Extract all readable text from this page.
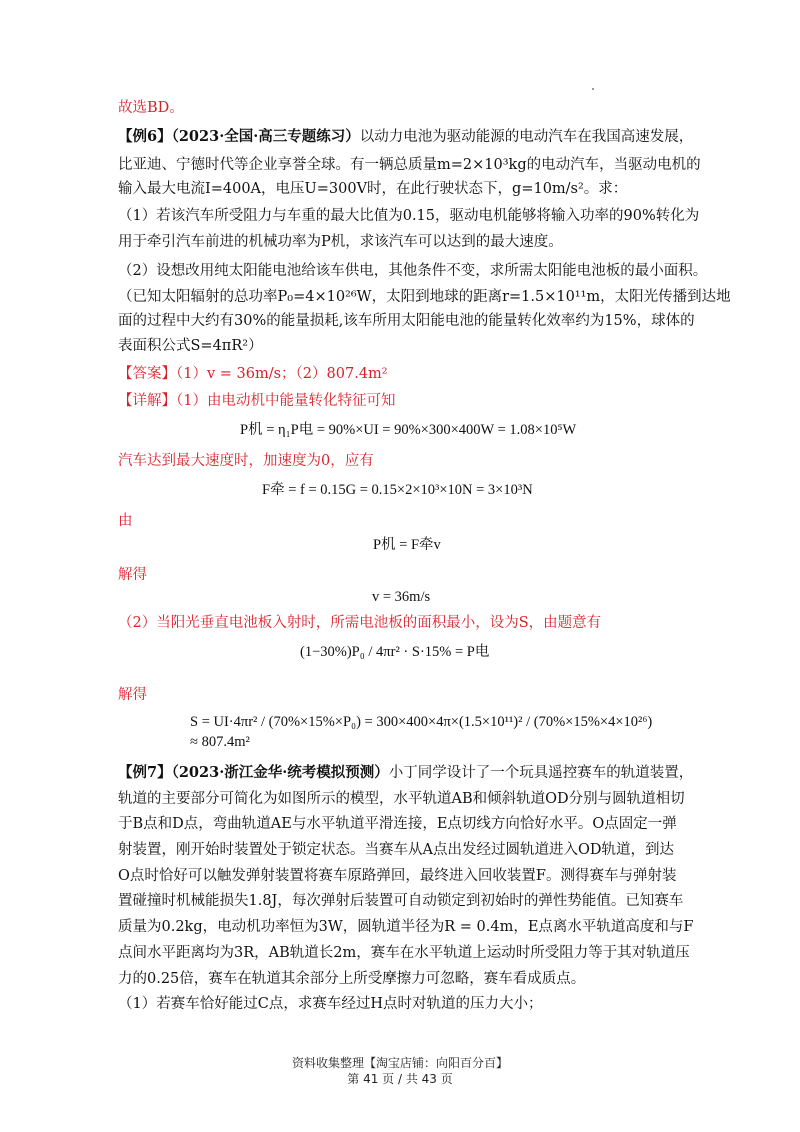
故选BD。
【例6】（2023·全国·高三专题练习）以动力电池为驱动能源的电动汽车在我国高速发展，
比亚迪、宁德时代等企业享誉全球。有一辆总质量m=2×10³kg的电动汽车，当驱动电机的
输入最大电流I=400A，电压U=300V时，在此行驶状态下，g=10m/s²。求：
（1）若该汽车所受阻力与车重的最大比值为0.15，驱动电机能够将输入功率的90%转化为
用于牵引汽车前进的机械功率为P机，求该汽车可以达到的最大速度。
（2）设想改用纯太阳能电池给该车供电，其他条件不变，求所需太阳能电池板的最小面积。
（已知太阳辐射的总功率P₀=4×10²⁶W，太阳到地球的距离r=1.5×10¹¹m，太阳光传播到达地
面的过程中大约有30%的能量损耗,该车所用太阳能电池的能量转化效率约为15%，球体的
表面积公式S=4πR²）
【答案】（1）v = 36m/s；（2）807.4m²
【详解】（1）由电动机中能量转化特征可知
P机 = η₁P电 = 90%×UI = 90%×300×400W = 1.08×10⁵W
汽车达到最大速度时，加速度为0，应有
F牵 = f = 0.15G = 0.15×2×10³×10N = 3×10³N
由
P机 = F牵v
解得
v = 36m/s
（2）当阳光垂直电池板入射时，所需电池板的面积最小，设为S，由题意有
(1−30%)P₀ / 4πr² · S·15% = P电
解得
S = UI·4πr² / (70%×15%×P₀) = 300×400×4π×(1.5×10¹¹)² / (70%×15%×4×10²⁶) ≈ 807.4m²
【例7】（2023·浙江金华·统考模拟预测）小丁同学设计了一个玩具遥控赛车的轨道装置，
轨道的主要部分可简化为如图所示的模型，水平轨道AB和倾斜轨道OD分别与圆轨道相切
于B点和D点，弯曲轨道AE与水平轨道平滑连接，E点切线方向恰好水平。O点固定一弹
射装置，刚开始时装置处于锁定状态。当赛车从A点出发经过圆轨道进入OD轨道，到达
O点时恰好可以触发弹射装置将赛车原路弹回，最终进入回收装置F。测得赛车与弹射装
置碰撞时机械能损失1.8J，每次弹射后装置可自动锁定到初始时的弹性势能值。已知赛车
质量为0.2kg，电动机功率恒为3W，圆轨道半径为R = 0.4m，E点离水平轨道高度和与F
点间水平距离均为3R，AB轨道长2m，赛车在水平轨道上运动时所受阻力等于其对轨道压
力的0.25倍，赛车在轨道其余部分上所受摩擦力可忽略，赛车看成质点。
（1）若赛车恰好能过C点，求赛车经过H点时对轨道的压力大小；
资料收集整理【淘宝店铺：向阳百分百】
第 41 页 / 共 43 页
